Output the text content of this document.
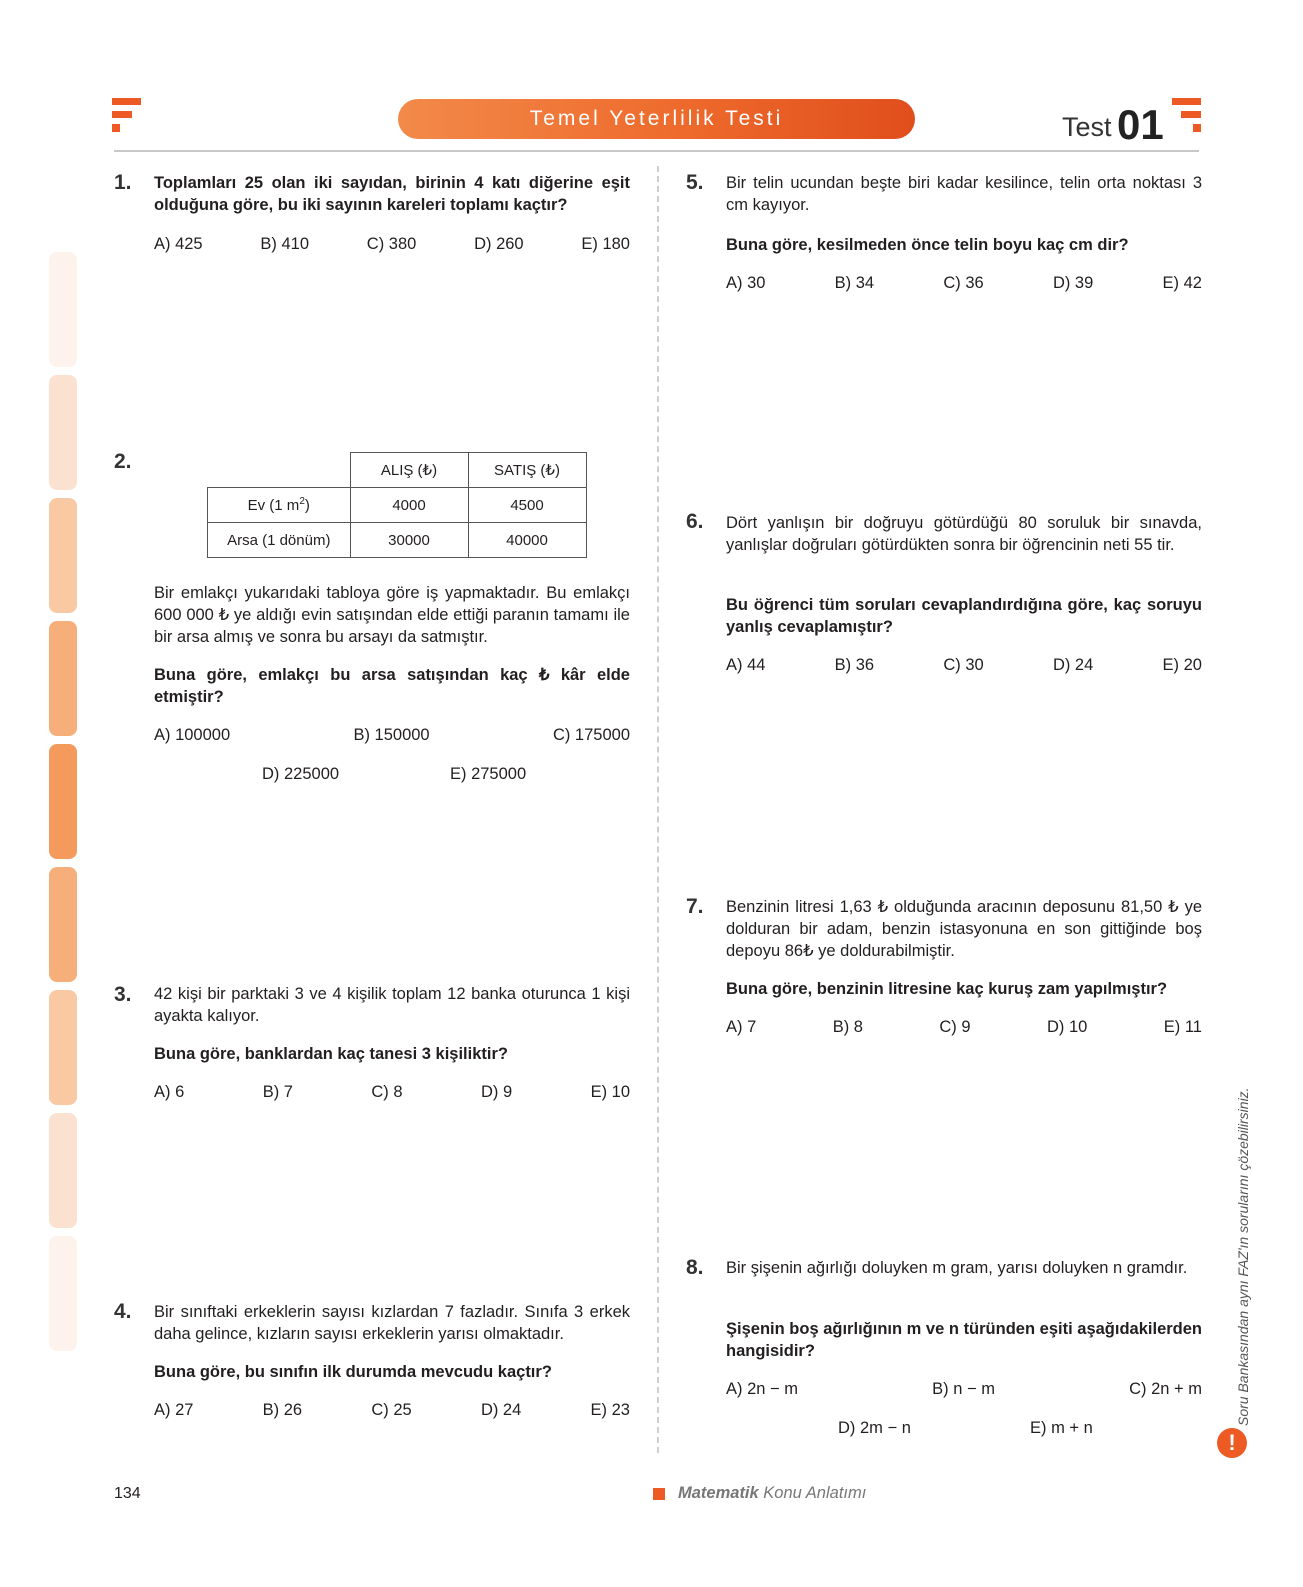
Temel Yeterlilik Testi	Test 01
1. Toplamları 25 olan iki sayıdan, birinin 4 katı diğerine eşit olduğuna göre, bu iki sayının kareleri toplamı kaçtır?
A) 425	B) 410	C) 380	D) 260	E) 180
2.
		ALIŞ (₺)	SATIŞ (₺)
Ev (1 $m^2$)	4000	4500
Arsa (1 dönüm)	30000	40000
Bir emlakçı yukarıdaki tabloya göre iş yapmaktadır. Bu emlakçı 600 000 ₺ ye aldığı evin satışından elde ettiği paranın tamamı ile bir arsa almış ve sonra bu arsayı da satmıştır.
Buna göre, emlakçı bu arsa satışından kaç ₺ kâr elde etmiştir?
A) 100000	B) 150000	C) 175000
D) 225000	E) 275000
3. 42 kişi bir parktaki 3 ve 4 kişilik toplam 12 banka oturunca 1 kişi ayakta kalıyor.
Buna göre, banklardan kaç tanesi 3 kişiliktir?
A) 6	B) 7	C) 8	D) 9	E) 10
4. Bir sınıftaki erkeklerin sayısı kızlardan 7 fazladır. Sınıfa 3 erkek daha gelince, kızların sayısı erkeklerin yarısı olmaktadır.
Buna göre, bu sınıfın ilk durumda mevcudu kaçtır?
A) 27	B) 26	C) 25	D) 24	E) 23
5. Bir telin ucundan beşte biri kadar kesilince, telin orta noktası 3 cm kayıyor.
Buna göre, kesilmeden önce telin boyu kaç cm dir?
A) 30	B) 34	C) 36	D) 39	E) 42
6. Dört yanlışın bir doğruyu götürdüğü 80 soruluk bir sınavda, yanlışlar doğruları götürdükten sonra bir öğrencinin neti 55 tir.
Bu öğrenci tüm soruları cevaplandırdığına göre, kaç soruyu yanlış cevaplamıştır?
A) 44	B) 36	C) 30	D) 24	E) 20
7. Benzinin litresi 1,63 ₺ olduğunda aracının deposunu 81,50 ₺ ye dolduran bir adam, benzin istasyonuna en son gittiğinde boş depoyu 86₺ ye doldurabilmiştir.
Buna göre, benzinin litresine kaç kuruş zam yapılmıştır?
A) 7	B) 8	C) 9	D) 10	E) 11
8. Bir şişenin ağırlığı doluyken m gram, yarısı doluyken n gramdır.
Şişenin boş ağırlığının m ve n türünden eşiti aşağıdakilerden hangisidir?
A) 2n − m	B) n − m	C) 2n + m
D) 2m − n	E) m + n
Soru Bankasından aynı FAZ'ın sorularını çözebilirsiniz.
!
134	Matematik Konu Anlatımı
